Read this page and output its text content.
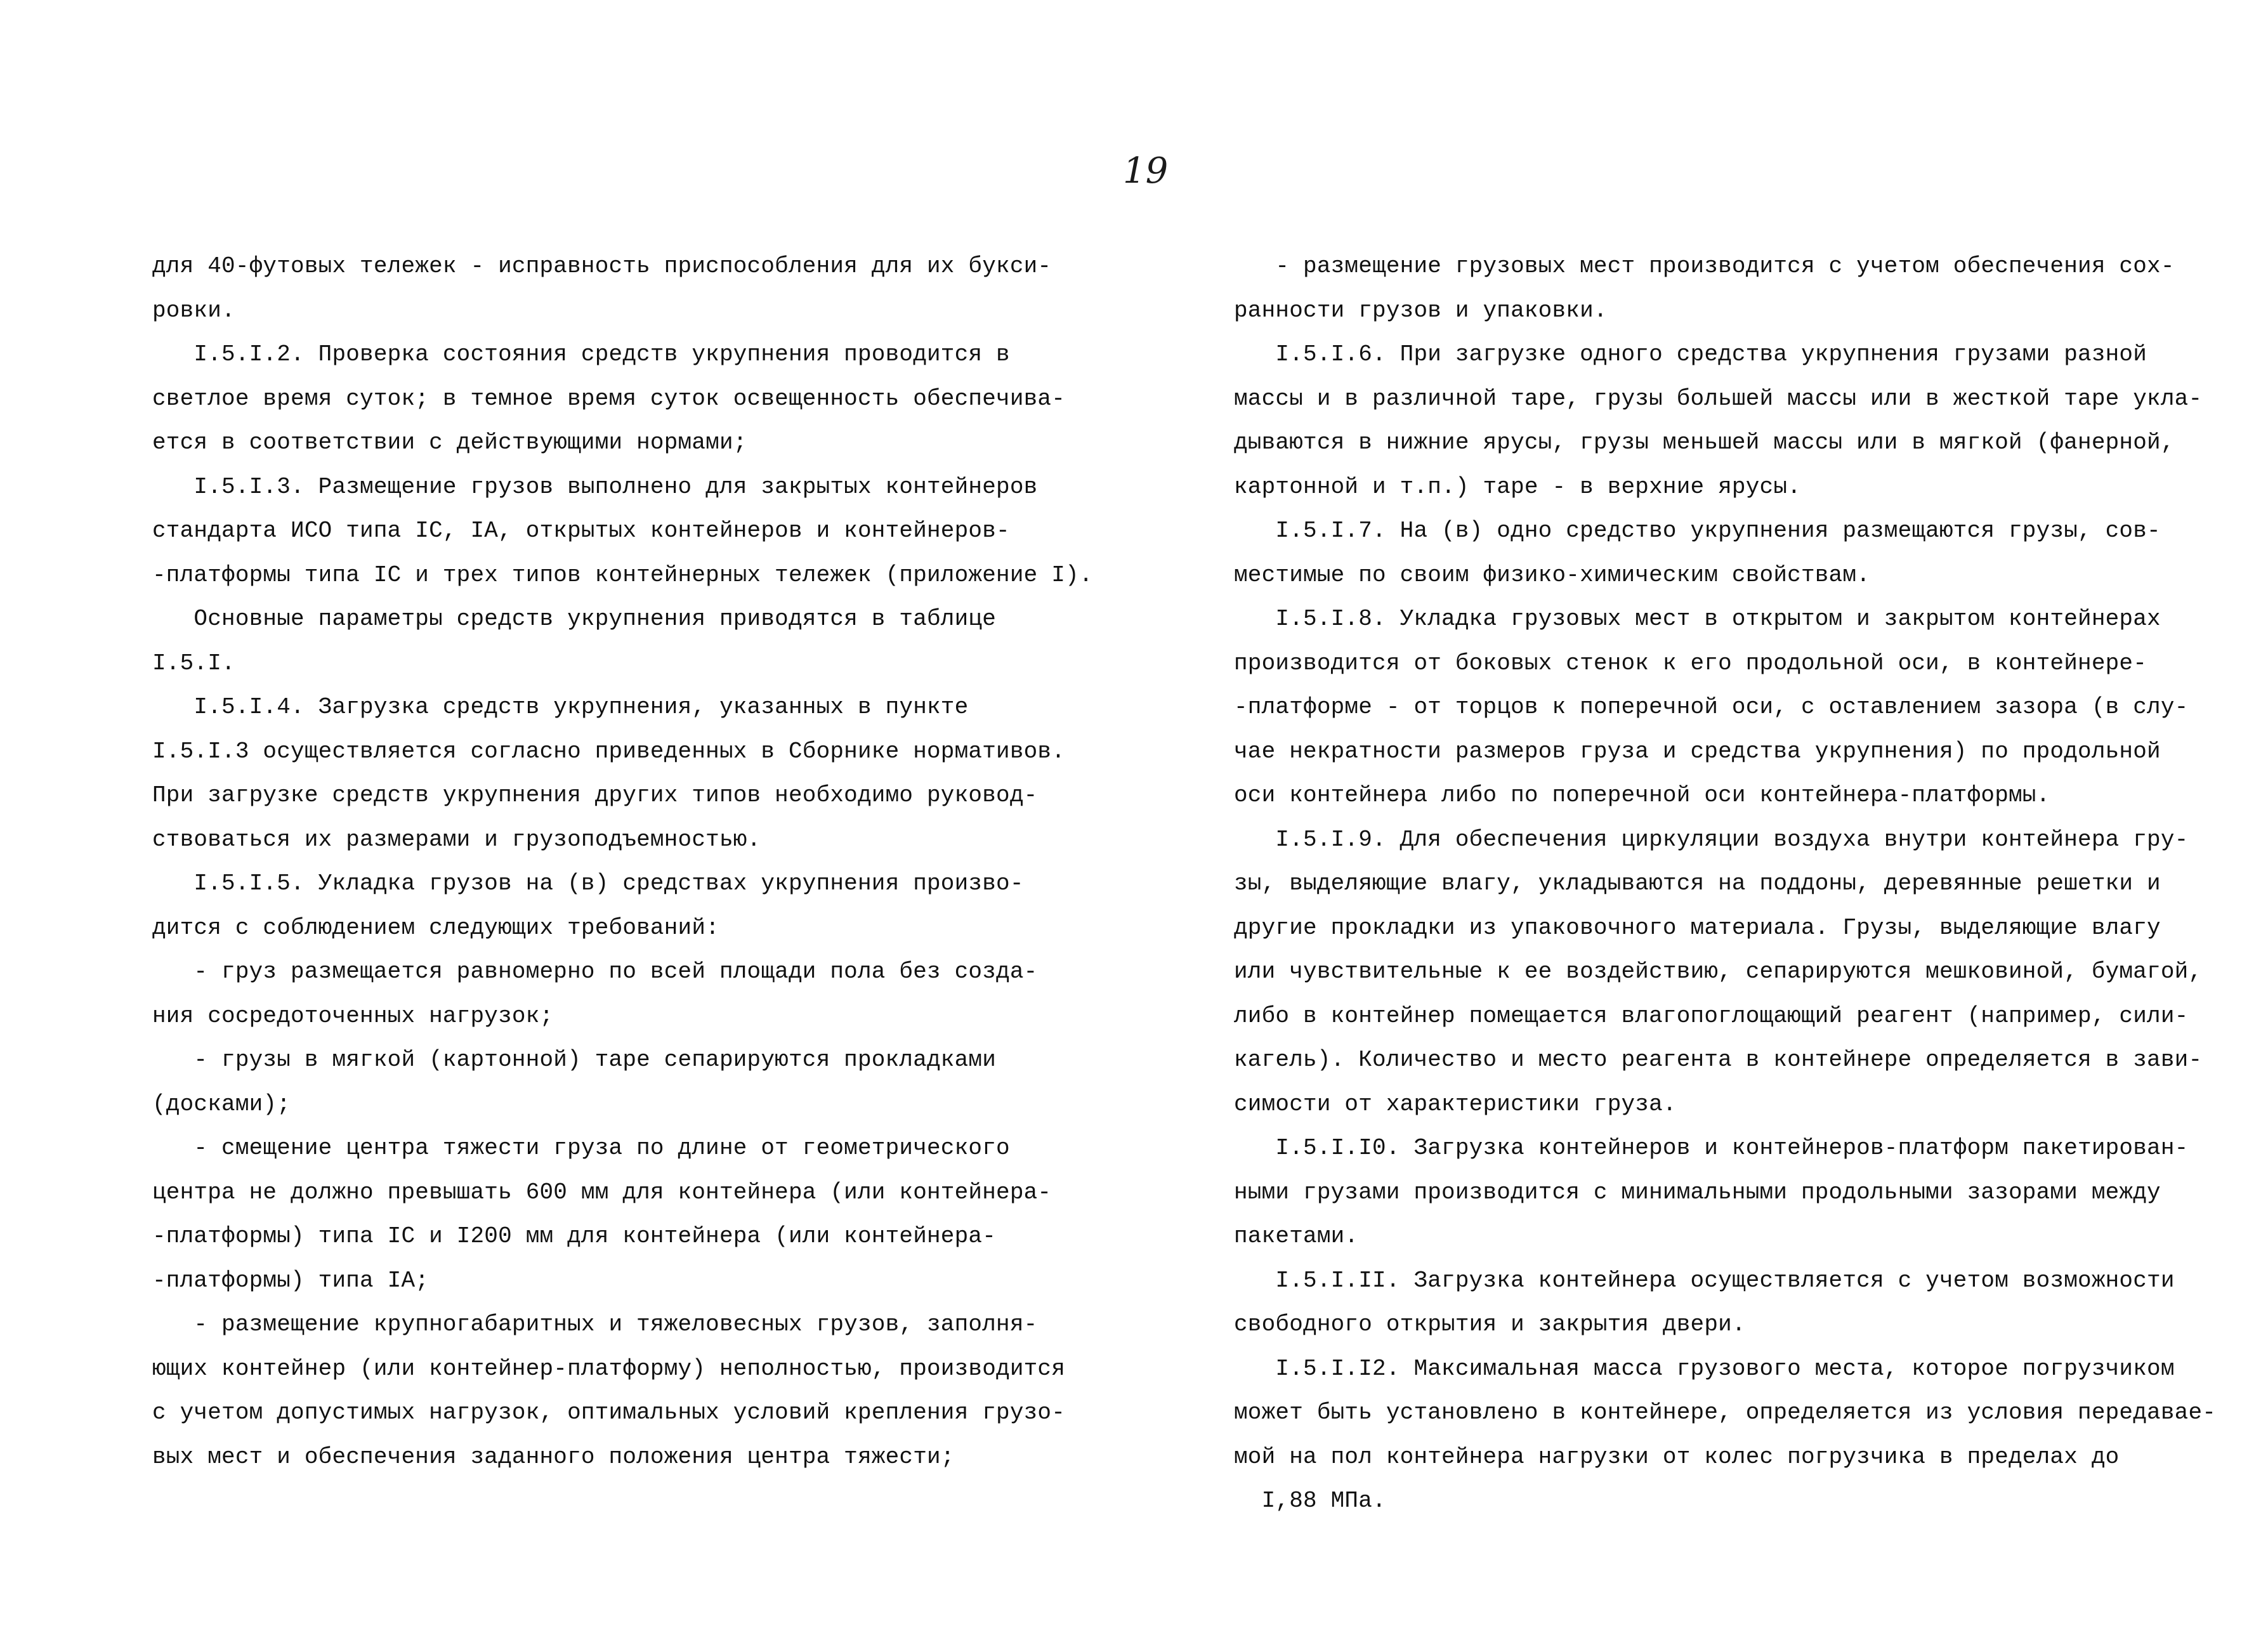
19
для 40-футовых тележек - исправность приспособления для их букси-
ровки.
I.5.I.2. Проверка состояния средств укрупнения проводится в
светлое время суток; в темное время суток освещенность обеспечива-
ется в соответствии с действующими нормами;
I.5.I.3. Размещение грузов выполнено для закрытых контейнеров
стандарта ИСО типа IC, IA, открытых контейнеров и контейнеров-
-платформы типа IC и трех типов контейнерных тележек (приложение I).
Основные параметры средств укрупнения приводятся в таблице
I.5.I.
I.5.I.4. Загрузка средств укрупнения, указанных в пункте
I.5.I.3 осуществляется согласно приведенных в Сборнике нормативов.
При загрузке средств укрупнения других типов необходимо руковод-
ствоваться их размерами и грузоподъемностью.
I.5.I.5. Укладка грузов на (в) средствах укрупнения произво-
дится с соблюдением следующих требований:
- груз размещается равномерно по всей площади пола без созда-
ния сосредоточенных нагрузок;
- грузы в мягкой (картонной) таре сепарируются прокладками
(досками);
- смещение центра тяжести груза по длине от геометрического
центра не должно превышать 600 мм для контейнера (или контейнера-
-платформы) типа IC и I200 мм для контейнера (или контейнера-
-платформы) типа IA;
- размещение крупногабаритных и тяжеловесных грузов, заполня-
ющих контейнер (или контейнер-платформу) неполностью, производится
с учетом допустимых нагрузок, оптимальных условий крепления грузо-
вых мест и обеспечения заданного положения центра тяжести;
- размещение грузовых мест производится с учетом обеспечения сох-
ранности грузов и упаковки.
I.5.I.6. При загрузке одного средства укрупнения грузами разной
массы и в различной таре, грузы большей массы или в жесткой таре укла-
дываются в нижние ярусы, грузы меньшей массы или в мягкой (фанерной,
картонной и т.п.) таре - в верхние ярусы.
I.5.I.7. На (в) одно средство укрупнения размещаются грузы, сов-
местимые по своим физико-химическим свойствам.
I.5.I.8. Укладка грузовых мест в открытом и закрытом контейнерах
производится от боковых стенок к его продольной оси, в контейнере-
-платформе - от торцов к поперечной оси, с оставлением зазора (в слу-
чае некратности размеров груза и средства укрупнения) по продольной
оси контейнера либо по поперечной оси контейнера-платформы.
I.5.I.9. Для обеспечения циркуляции воздуха внутри контейнера гру-
зы, выделяющие влагу, укладываются на поддоны, деревянные решетки и
другие прокладки из упаковочного материала. Грузы, выделяющие влагу
или чувствительные к ее воздействию, сепарируются мешковиной, бумагой,
либо в контейнер помещается влагопоглощающий реагент (например, сили-
кагель). Количество и место реагента в контейнере определяется в зави-
симости от характеристики груза.
I.5.I.I0. Загрузка контейнеров и контейнеров-платформ пакетирован-
ными грузами производится с минимальными продольными зазорами между
пакетами.
I.5.I.II. Загрузка контейнера осуществляется с учетом возможности
свободного открытия и закрытия двери.
I.5.I.I2. Максимальная масса грузового места, которое погрузчиком
может быть установлено в контейнере, определяется из условия передавае-
мой на пол контейнера нагрузки от колес погрузчика в пределах до
I,88 МПа.
